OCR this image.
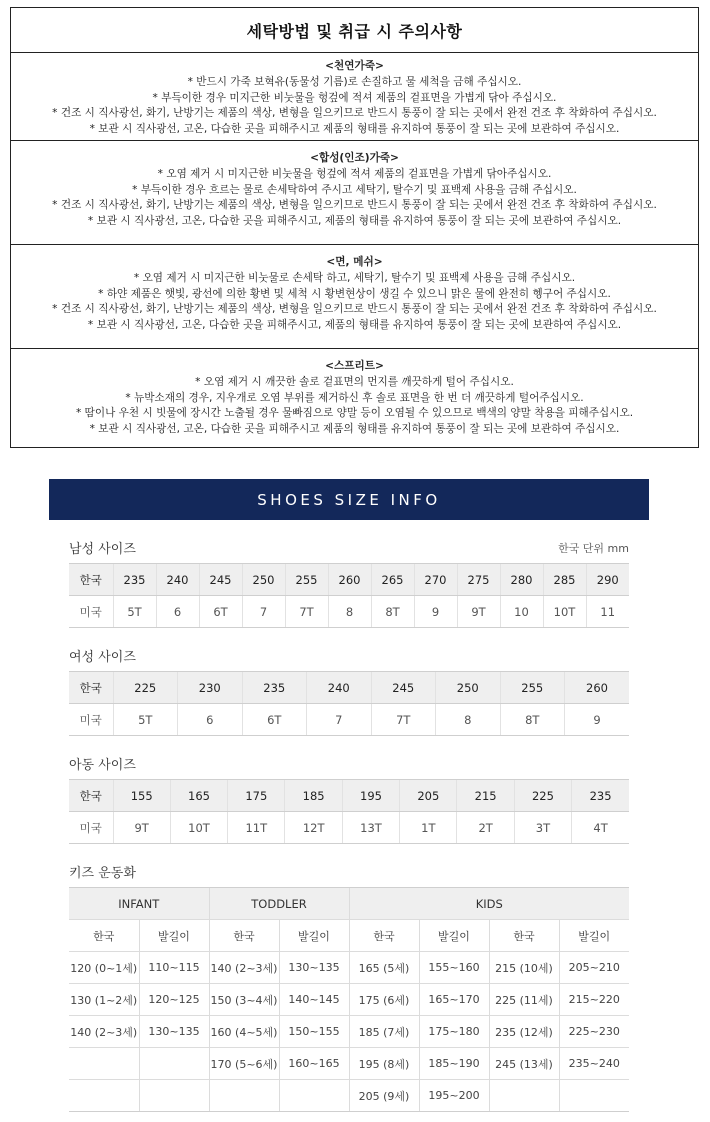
세탁방법 및 취급 시 주의사항
<천연가죽>
* 반드시 가죽 보혁유(동물성 기름)로 손질하고 물 세척을 금해 주십시오.
* 부득이한 경우 미지근한 비눗물을 헝겊에 적셔 제품의 겉표면을 가볍게 닦아 주십시오.
* 건조 시 직사광선, 화기, 난방기는 제품의 색상, 변형을 일으키므로 반드시 통풍이 잘 되는 곳에서 완전 건조 후 착화하여 주십시오.
* 보관 시 직사광선, 고온, 다습한 곳을 피해주시고 제품의 형태를 유지하여 통풍이 잘 되는 곳에 보관하여 주십시오.
<합성(인조)가죽>
* 오염 제거 시 미지근한 비눗물을 헝겊에 적셔 제품의 겉표면을 가볍게 닦아주십시오.
* 부득이한 경우 흐르는 물로 손세탁하여 주시고 세탁기, 탈수기 및 표백제 사용을 금해 주십시오.
* 건조 시 직사광선, 화기, 난방기는 제품의 색상, 변형을 일으키므로 반드시 통풍이 잘 되는 곳에서 완전 건조 후 착화하여 주십시오.
* 보관 시 직사광선, 고온, 다습한 곳을 피해주시고, 제품의 형태를 유지하여 통풍이 잘 되는 곳에 보관하여 주십시오.
<면, 메쉬>
* 오염 제거 시 미지근한 비눗물로 손세탁 하고, 세탁기, 탈수기 및 표백제 사용을 금해 주십시오.
* 하얀 제품은 햇빛, 광선에 의한 황변 및 세척 시 황변현상이 생길 수 있으니 맑은 물에 완전히 헹구어 주십시오.
* 건조 시 직사광선, 화기, 난방기는 제품의 색상, 변형을 일으키므로 반드시 통풍이 잘 되는 곳에서 완전 건조 후 착화하여 주십시오.
* 보관 시 직사광선, 고온, 다습한 곳을 피해주시고, 제품의 형태를 유지하여 통풍이 잘 되는 곳에 보관하여 주십시오.
<스프리트>
* 오염 제거 시 깨끗한 솔로 겉표면의 먼지를 깨끗하게 털어 주십시오.
* 뉴박소재의 경우, 지우개로 오염 부위를 제거하신 후 솔로 표면을 한 번 더 깨끗하게 털어주십시오.
* 땀이나 우천 시 빗물에 장시간 노출될 경우 물빠짐으로 양말 등이 오염될 수 있으므로 백색의 양말 착용을 피해주십시오.
* 보관 시 직사광선, 고온, 다습한 곳을 피해주시고 제품의 형태를 유지하여 통풍이 잘 되는 곳에 보관하여 주십시오.
SHOES SIZE INFO
남성 사이즈	한국 단위 mm
한국	235	240	245	250	255	260	265	270	275	280	285	290
미국	5T	6	6T	7	7T	8	8T	9	9T	10	10T	11
여성 사이즈
한국	225	230	235	240	245	250	255	260
미국	5T	6	6T	7	7T	8	8T	9
아동 사이즈
한국	155	165	175	185	195	205	215	225	235
미국	9T	10T	11T	12T	13T	1T	2T	3T	4T
키즈 운동화
INFANT		TODDLER		KIDS			
한국	발길이	한국	발길이	한국	발길이	한국	발길이
120 (0~1세)	110~115	140 (2~3세)	130~135	165 (5세)	155~160	215 (10세)	205~210
130 (1~2세)	120~125	150 (3~4세)	140~145	175 (6세)	165~170	225 (11세)	215~220
140 (2~3세)	130~135	160 (4~5세)	150~155	185 (7세)	175~180	235 (12세)	225~230
		170 (5~6세)	160~165	195 (8세)	185~190	245 (13세)	235~240
				205 (9세)	195~200		
